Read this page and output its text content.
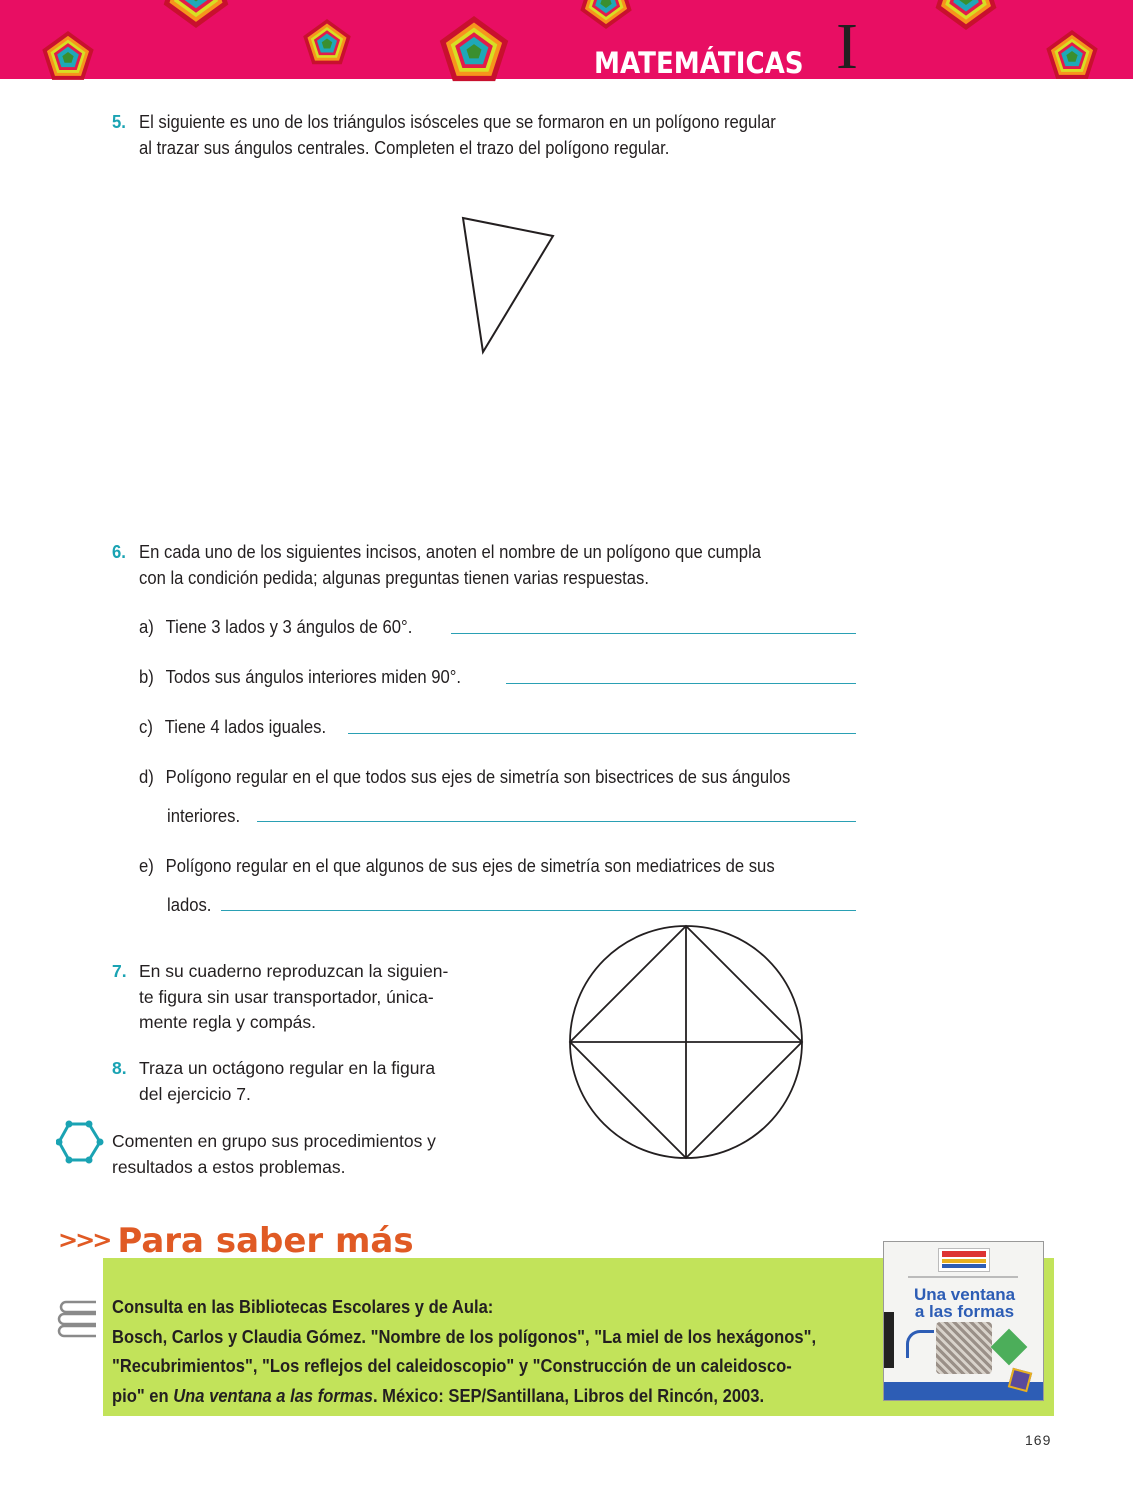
MATEMÁTICAS I
5. El siguiente es uno de los triángulos isósceles que se formaron en un polígono regular
al trazar sus ángulos centrales. Completen el trazo del polígono regular.
6. En cada uno de los siguientes incisos, anoten el nombre de un polígono que cumpla
con la condición pedida; algunas preguntas tienen varias respuestas.
a) Tiene 3 lados y 3 ángulos de 60°.
b) Todos sus ángulos interiores miden 90°.
c) Tiene 4 lados iguales.
d) Polígono regular en el que todos sus ejes de simetría son bisectrices de sus ángulos
interiores.
e) Polígono regular en el que algunos de sus ejes de simetría son mediatrices de sus
lados.
7. En su cuaderno reproduzcan la siguien-
te figura sin usar transportador, única-
mente regla y compás.
8. Traza un octágono regular en la figura
del ejercicio 7.
Comenten en grupo sus procedimientos y
resultados a estos problemas.
>>> Para saber más
Consulta en las Bibliotecas Escolares y de Aula:
Bosch, Carlos y Claudia Gómez. "Nombre de los polígonos", "La miel de los hexágonos",
"Recubrimientos", "Los reflejos del caleidoscopio" y "Construcción de un caleidosco-
pio" en Una ventana a las formas. México: SEP/Santillana, Libros del Rincón, 2003.
Una ventana
a las formas
169
